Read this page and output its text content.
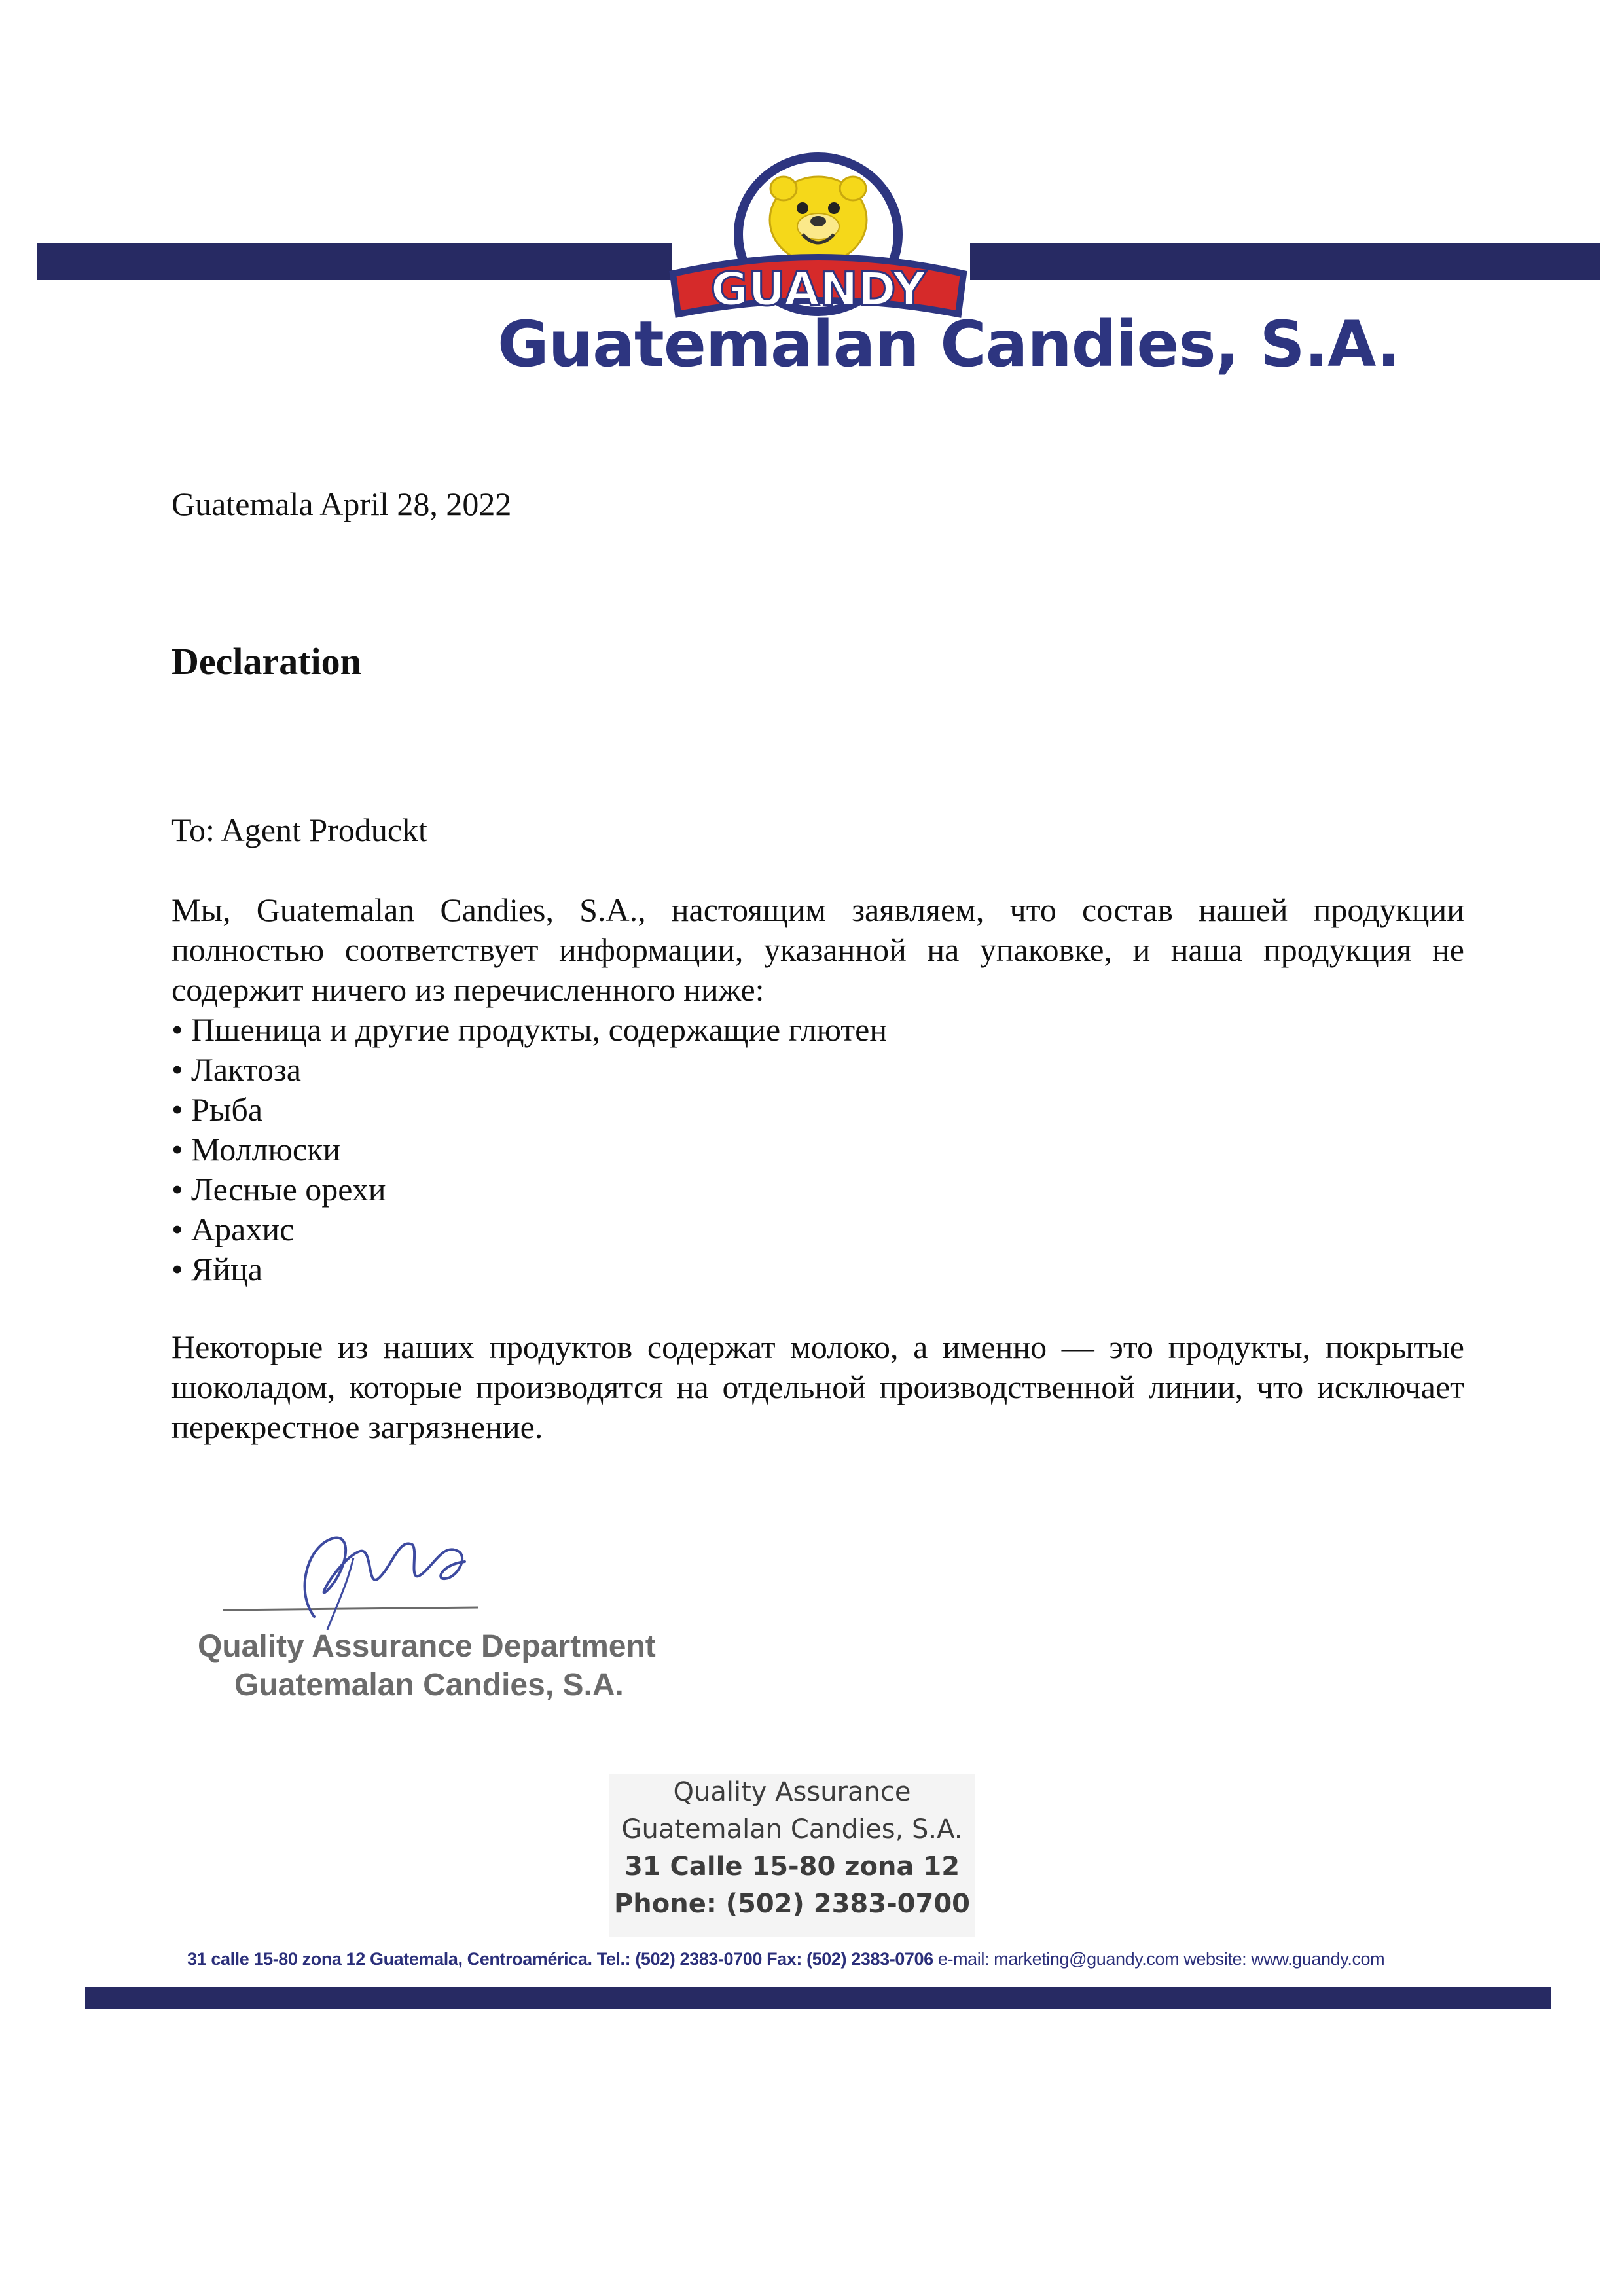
GUANDY
Guatemalan Candies, S.A.
Guatemala April 28, 2022
Declaration
To: Agent Produckt
Мы, Guatemalan Candies, S.A., настоящим заявляем, что состав нашей продукции полностью соответствует информации, указанной на упаковке, и наша продукция не содержит ничего из перечисленного ниже:
• Пшеница и другие продукты, содержащие глютен
• Лактоза
• Рыба
• Моллюски
• Лесные орехи
• Арахис
• Яйца
Некоторые из наших продуктов содержат молоко, а именно — это продукты, покрытые шоколадом, которые производятся на отдельной производственной линии, что исключает перекрестное загрязнение.
Quality Assurance Department
Guatemalan Candies, S.A.
Quality Assurance
Guatemalan Candies, S.A.
31 Calle 15-80 zona 12
Phone: (502) 2383-0700
31 calle 15-80 zona 12 Guatemala, Centroamérica. Tel.: (502) 2383-0700 Fax: (502) 2383-0706 e-mail: marketing@guandy.com website: www.guandy.com
